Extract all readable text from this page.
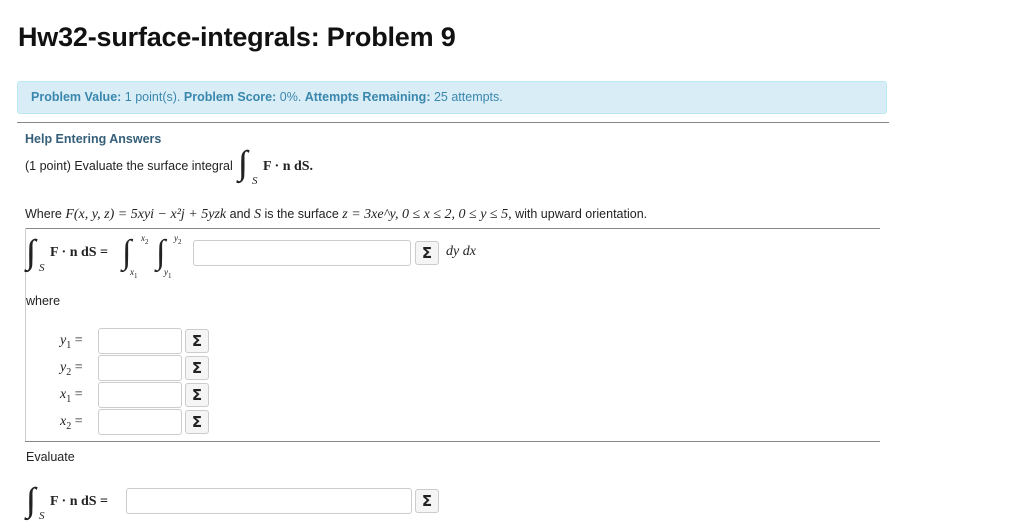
Hw32-surface-integrals: Problem 9
Problem Value: 1 point(s). Problem Score: 0%. Attempts Remaining: 25 attempts.
Help Entering Answers
(1 point) Evaluate the surface integral ∫∫ S
F · n dS.
Where F(x, y, z) = 5xyi − x²j + 5yzk and S is the surface z = 3xe^y, 0 ≤ x ≤ 2, 0 ≤ y ≤ 5, with upward orientation.
∫∫ S
F · n dS = ∫ $x_2$
$x_1$
∫ $y_2$
$y_1$
Σ dy dx
where
$y_1$ =	Σ
$y_2$ =	Σ
$x_1$ =	Σ
$x_2$ =	Σ
Evaluate
∫∫ S
F · n dS =	Σ
